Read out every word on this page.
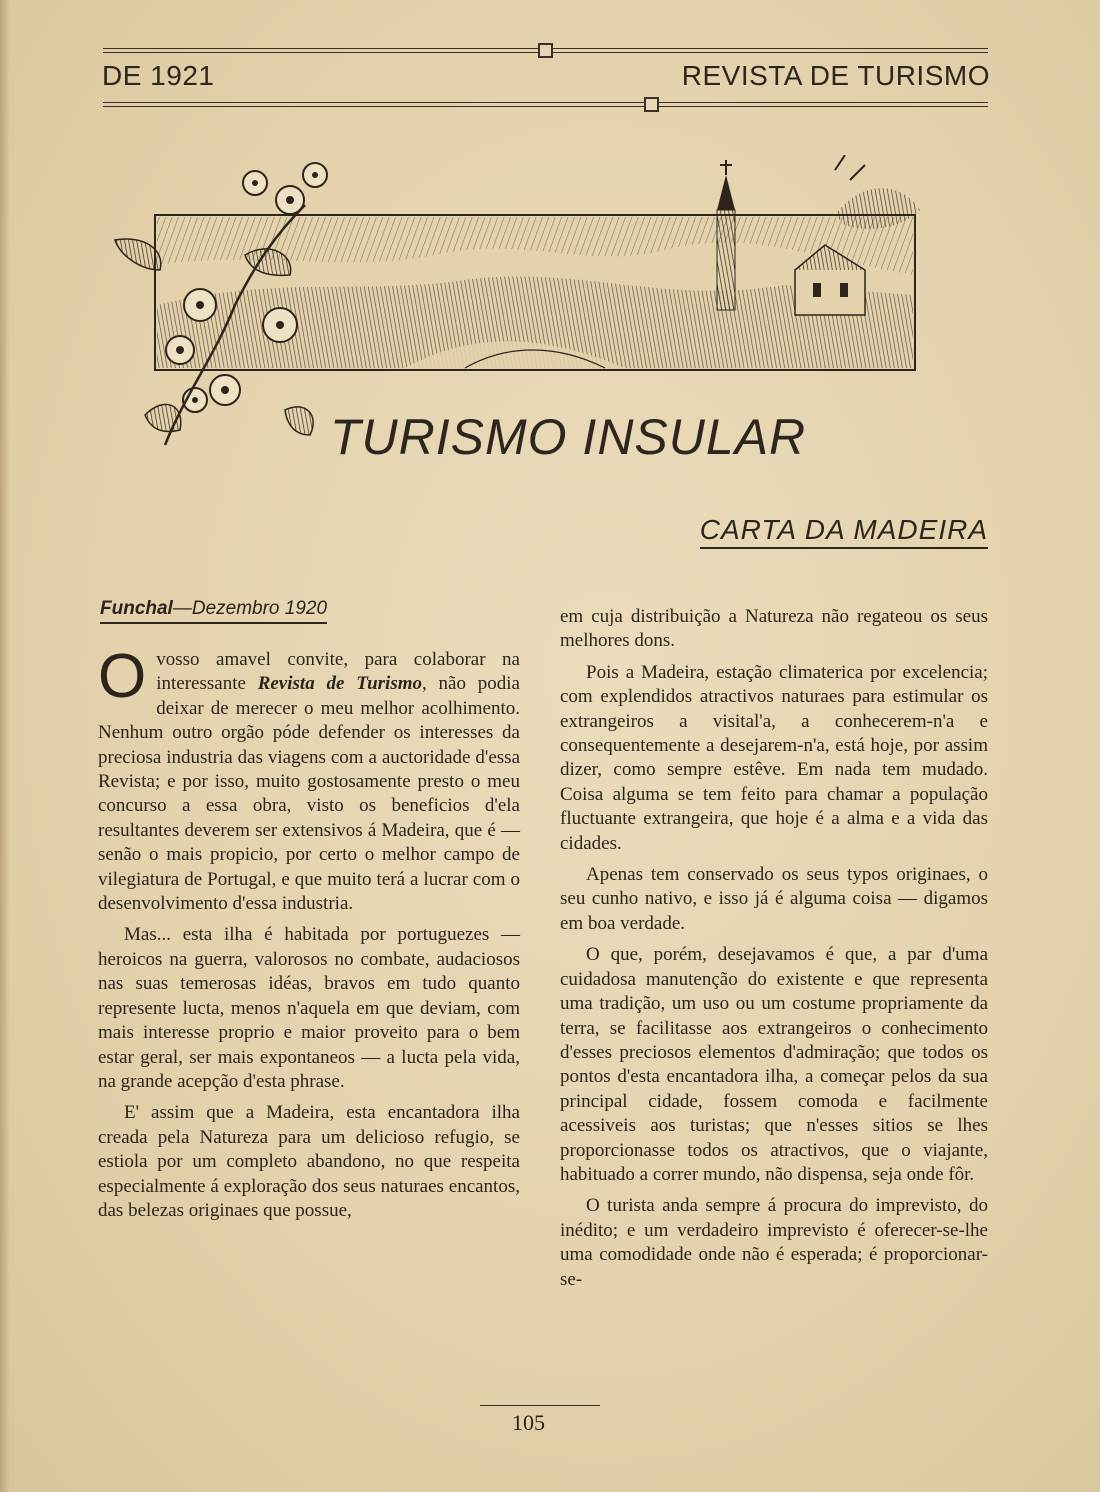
DE 1921	REVISTA DE TURISMO
TURISMO INSULAR
CARTA DA MADEIRA
Funchal—Dezembro 1920

Ovosso amavel convite, para colaborar na interessante Revista de Turismo, não podia deixar de merecer o meu melhor acolhimento. Nenhum outro orgão póde defender os interesses da preciosa industria das viagens com a auctoridade d'essa Revista; e por isso, muito gostosamente presto o meu concurso a essa obra, visto os beneficios d'ela resultantes deverem ser extensivos á Madeira, que é —senão o mais propicio, por certo o melhor campo de vilegiatura de Portugal, e que muito terá a lucrar com o desenvolvimento d'essa industria.

Mas... esta ilha é habitada por portuguezes — heroicos na guerra, valorosos no combate, audaciosos nas suas temerosas idéas, bravos em tudo quanto represente lucta, menos n'aquela em que deviam, com mais interesse proprio e maior proveito para o bem estar geral, ser mais expontaneos — a lucta pela vida, na grande acepção d'esta phrase.

E' assim que a Madeira, esta encantadora ilha creada pela Natureza para um delicioso refugio, se estiola por um completo abandono, no que respeita especialmente á exploração dos seus naturaes encantos, das belezas originaes que possue,

em cuja distribuição a Natureza não regateou os seus melhores dons.

Pois a Madeira, estação climaterica por excelencia; com explendidos atractivos naturaes para estimular os extrangeiros a visital'a, a conhecerem-n'a e consequentemente a desejarem-n'a, está hoje, por assim dizer, como sempre estêve. Em nada tem mudado. Coisa alguma se tem feito para chamar a população fluctuante extrangeira, que hoje é a alma e a vida das cidades.

Apenas tem conservado os seus typos originaes, o seu cunho nativo, e isso já é alguma coisa — digamos em boa verdade.

O que, porém, desejavamos é que, a par d'uma cuidadosa manutenção do existente e que representa uma tradição, um uso ou um costume propriamente da terra, se facilitasse aos extrangeiros o conhecimento d'esses preciosos elementos d'admiração; que todos os pontos d'esta encantadora ilha, a começar pelos da sua principal cidade, fossem comoda e facilmente acessiveis aos turistas; que n'esses sitios se lhes proporcionasse todos os atractivos, que o viajante, habituado a correr mundo, não dispensa, seja onde fôr.

O turista anda sempre á procura do imprevisto, do inédito; e um verdadeiro imprevisto é oferecer-se-lhe uma comodidade onde não é esperada; é proporcionar-se-

105
